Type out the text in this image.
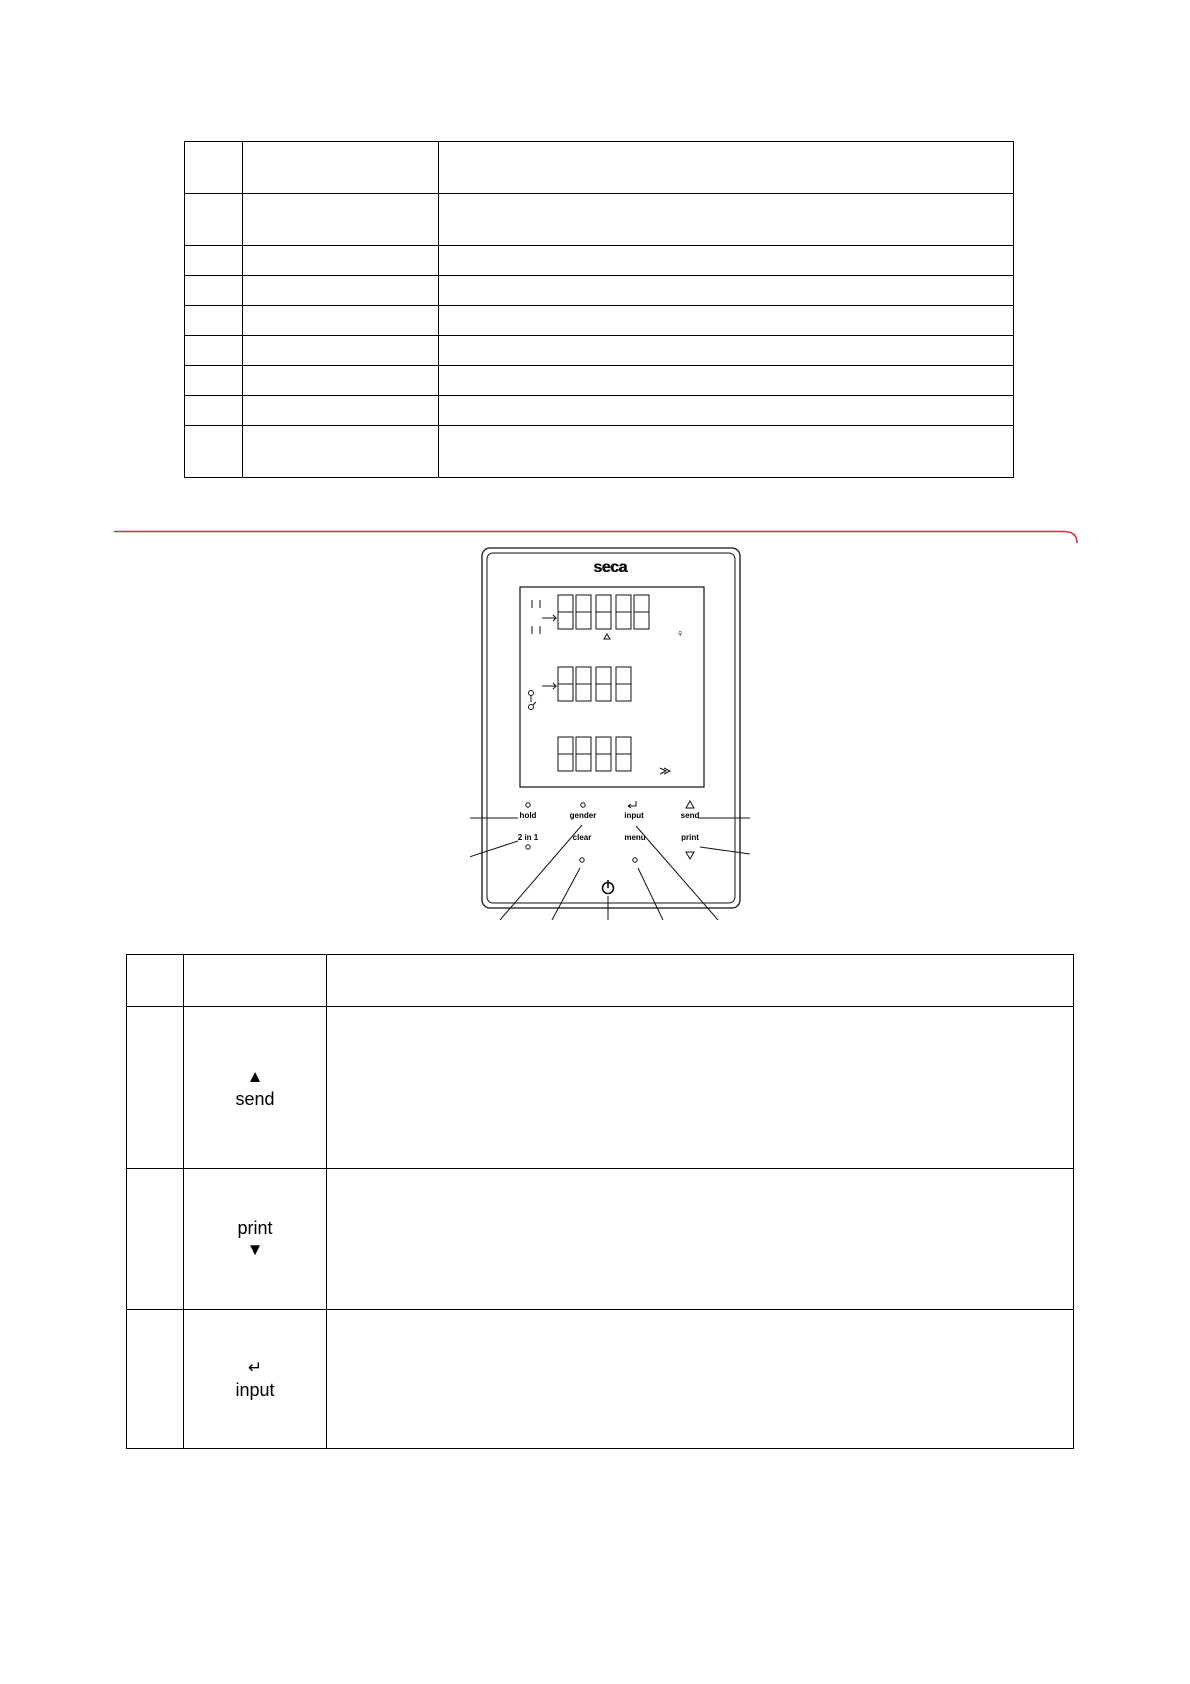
seca
♀
hold	gender	input	send
2 in 1	clear	menu	print

	▲
send	
	print
▼	

	↵
input	
